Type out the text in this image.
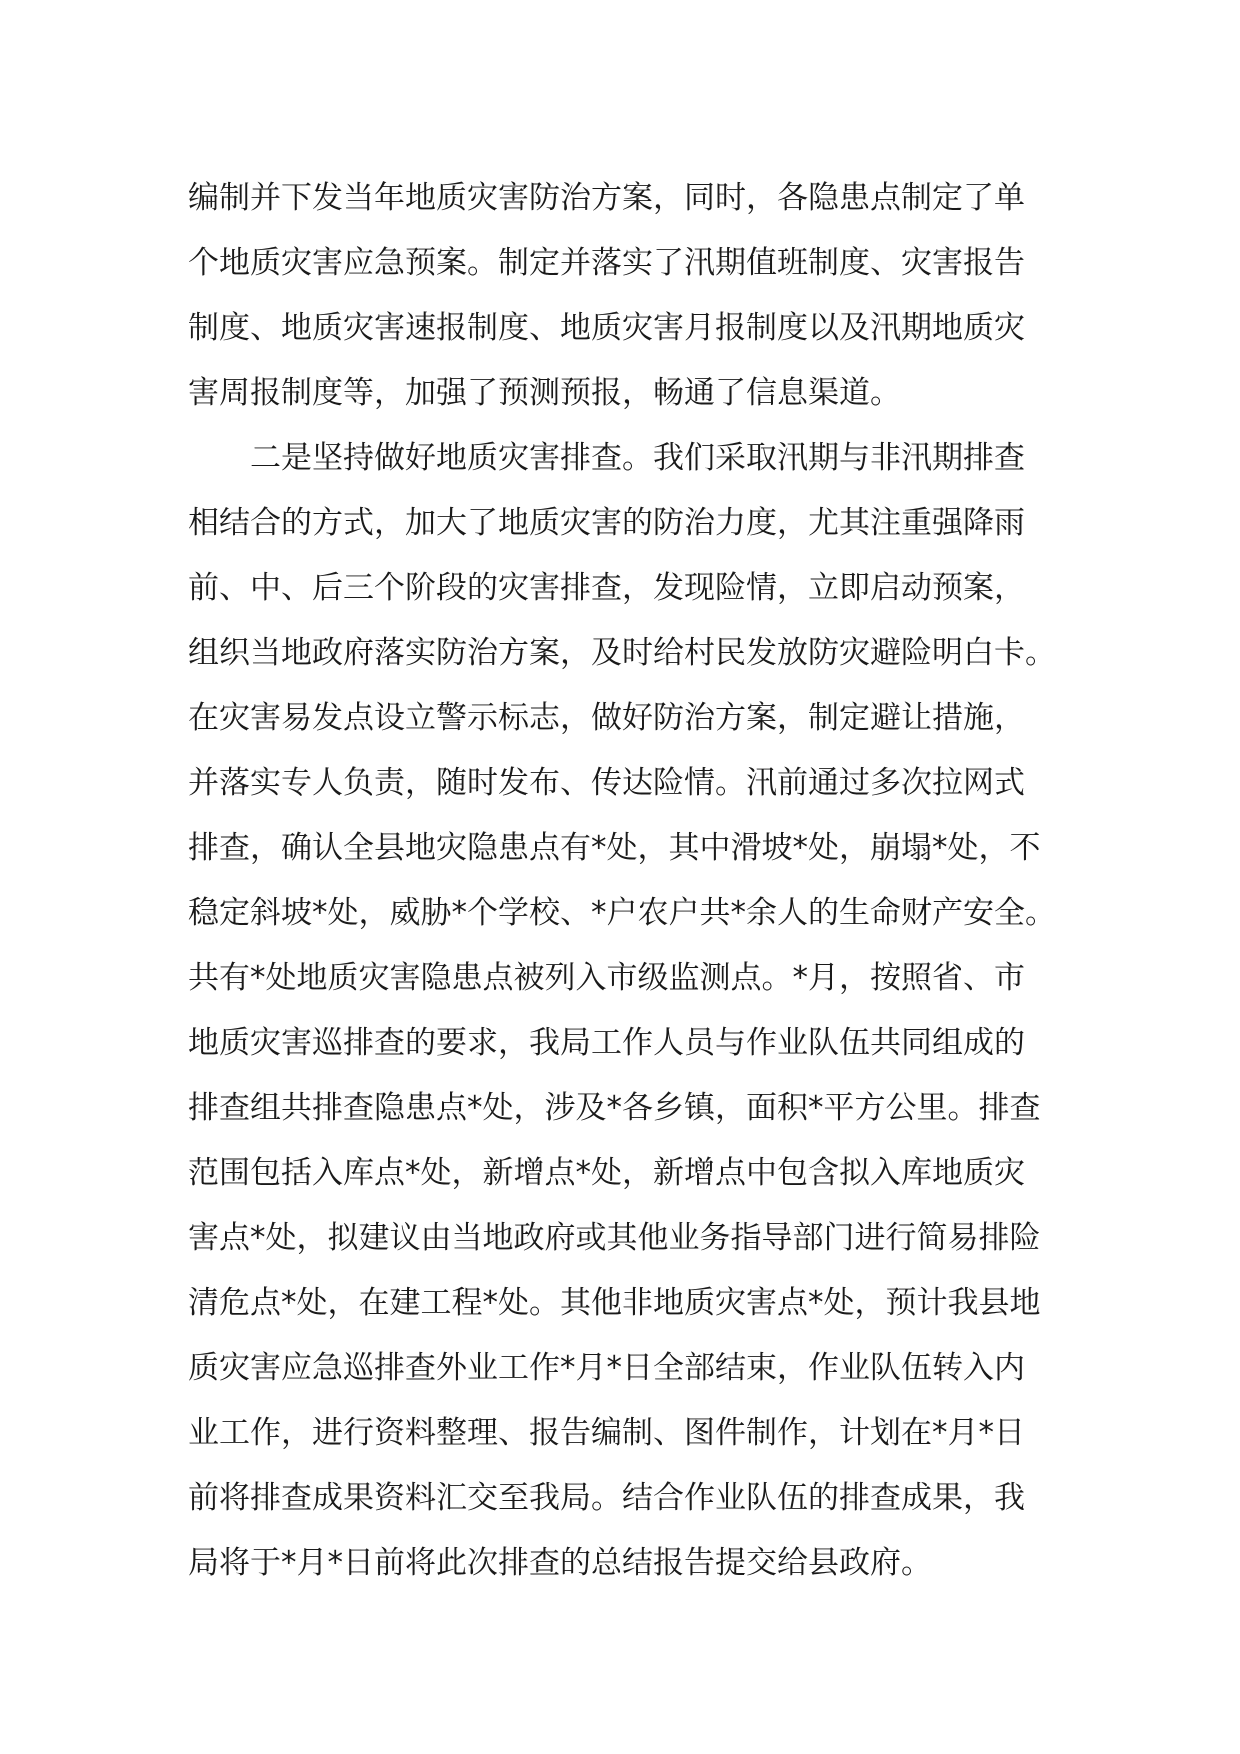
编制并下发当年地质灾害防治方案，同时，各隐患点制定了单
个地质灾害应急预案。制定并落实了汛期值班制度、灾害报告
制度、地质灾害速报制度、地质灾害月报制度以及汛期地质灾
害周报制度等，加强了预测预报，畅通了信息渠道。
二是坚持做好地质灾害排查。我们采取汛期与非汛期排查
相结合的方式，加大了地质灾害的防治力度，尤其注重强降雨
前、中、后三个阶段的灾害排查，发现险情，立即启动预案，
组织当地政府落实防治方案，及时给村民发放防灾避险明白卡。
在灾害易发点设立警示标志，做好防治方案，制定避让措施，
并落实专人负责，随时发布、传达险情。汛前通过多次拉网式
排查，确认全县地灾隐患点有*处，其中滑坡*处，崩塌*处，不
稳定斜坡*处，威胁*个学校、*户农户共*余人的生命财产安全。
共有*处地质灾害隐患点被列入市级监测点。*月，按照省、市
地质灾害巡排查的要求，我局工作人员与作业队伍共同组成的
排查组共排查隐患点*处，涉及*各乡镇，面积*平方公里。排查
范围包括入库点*处，新增点*处，新增点中包含拟入库地质灾
害点*处，拟建议由当地政府或其他业务指导部门进行简易排险
清危点*处，在建工程*处。其他非地质灾害点*处，预计我县地
质灾害应急巡排查外业工作*月*日全部结束，作业队伍转入内
业工作，进行资料整理、报告编制、图件制作，计划在*月*日
前将排查成果资料汇交至我局。结合作业队伍的排查成果，我
局将于*月*日前将此次排查的总结报告提交给县政府。
